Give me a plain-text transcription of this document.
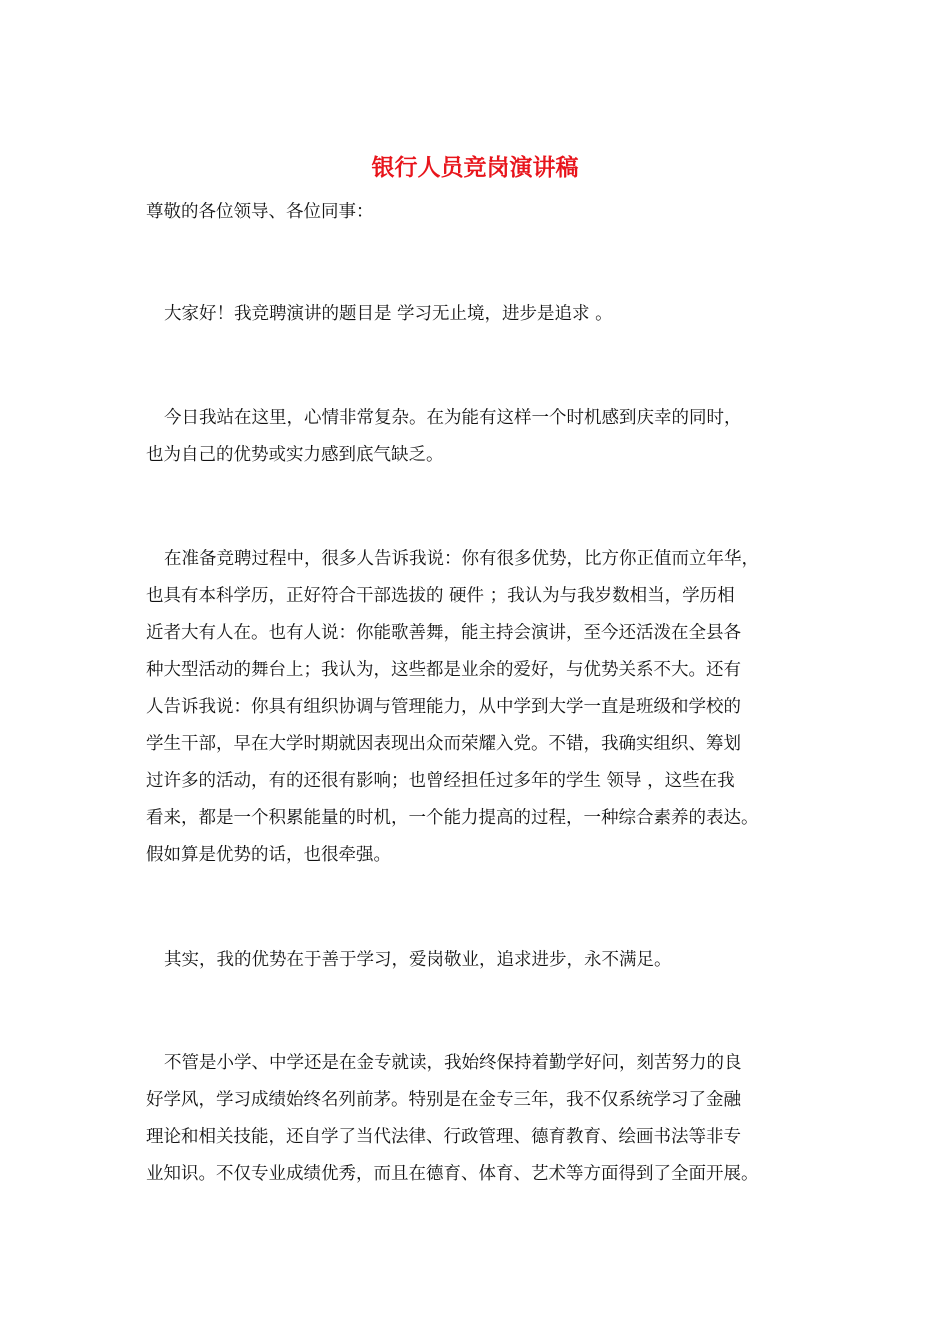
银行人员竞岗演讲稿
尊敬的各位领导、各位同事：
大家好！我竞聘演讲的题目是 学习无止境，进步是追求 。
今日我站在这里，心情非常复杂。在为能有这样一个时机感到庆幸的同时，
也为自己的优势或实力感到底气缺乏。
在准备竞聘过程中，很多人告诉我说：你有很多优势，比方你正值而立年华，
也具有本科学历，正好符合干部选拔的 硬件 ；我认为与我岁数相当，学历相
近者大有人在。也有人说：你能歌善舞，能主持会演讲，至今还活泼在全县各
种大型活动的舞台上；我认为，这些都是业余的爱好，与优势关系不大。还有
人告诉我说：你具有组织协调与管理能力，从中学到大学一直是班级和学校的
学生干部，早在大学时期就因表现出众而荣耀入党。不错，我确实组织、筹划
过许多的活动，有的还很有影响；也曾经担任过多年的学生 领导 ，这些在我
看来，都是一个积累能量的时机，一个能力提高的过程，一种综合素养的表达。
假如算是优势的话，也很牵强。
其实，我的优势在于善于学习，爱岗敬业，追求进步，永不满足。
不管是小学、中学还是在金专就读，我始终保持着勤学好问，刻苦努力的良
好学风，学习成绩始终名列前茅。特别是在金专三年，我不仅系统学习了金融
理论和相关技能，还自学了当代法律、行政管理、德育教育、绘画书法等非专
业知识。不仅专业成绩优秀，而且在德育、体育、艺术等方面得到了全面开展。
